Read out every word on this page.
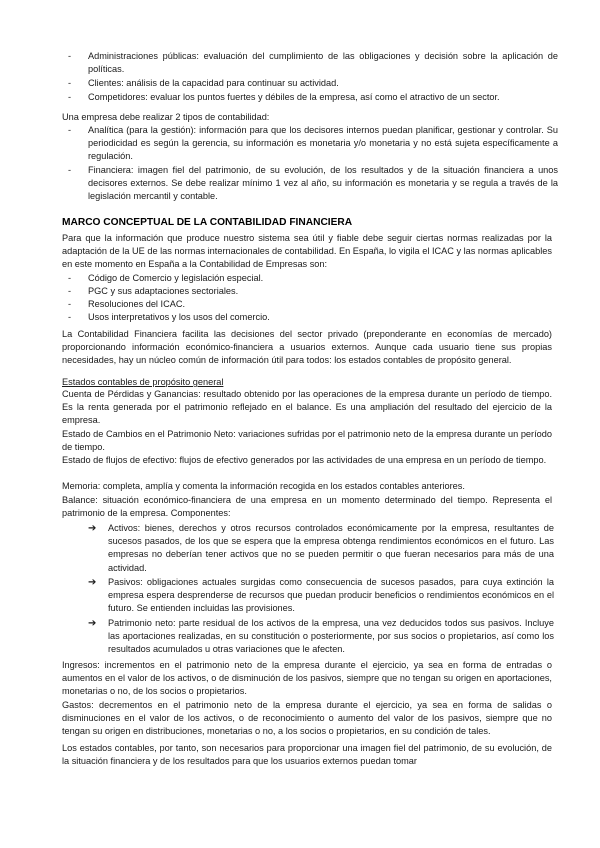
- Administraciones públicas: evaluación del cumplimiento de las obligaciones y decisión sobre la aplicación de políticas.
- Clientes: análisis de la capacidad para continuar su actividad.
- Competidores: evaluar los puntos fuertes y débiles de la empresa, así como el atractivo de un sector.
Una empresa debe realizar 2 tipos de contabilidad:
- Analítica (para la gestión): información para que los decisores internos puedan planificar, gestionar y controlar. Su periodicidad es según la gerencia, su información es monetaria y/o monetaria y no está sujeta específicamente a regulación.
- Financiera: imagen fiel del patrimonio, de su evolución, de los resultados y de la situación financiera a unos decisores externos. Se debe realizar mínimo 1 vez al año, su información es monetaria y se regula a través de la legislación mercantil y contable.
MARCO CONCEPTUAL DE LA CONTABILIDAD FINANCIERA
Para que la información que produce nuestro sistema sea útil y fiable debe seguir ciertas normas realizadas por la adaptación de la UE de las normas internacionales de contabilidad. En España, lo vigila el ICAC y las normas aplicables en este momento en España a la Contabilidad de Empresas son:
- Código de Comercio y legislación especial.
- PGC y sus adaptaciones sectoriales.
- Resoluciones del ICAC.
- Usos interpretativos y los usos del comercio.
La Contabilidad Financiera facilita las decisiones del sector privado (preponderante en economías de mercado) proporcionando información económico-financiera a usuarios externos. Aunque cada usuario tiene sus propias necesidades, hay un núcleo común de información útil para todos: los estados contables de propósito general.
Estados contables de propósito general
Cuenta de Pérdidas y Ganancias: resultado obtenido por las operaciones de la empresa durante un período de tiempo. Es la renta generada por el patrimonio reflejado en el balance. Es una ampliación del resultado del ejercicio de la empresa.
Estado de Cambios en el Patrimonio Neto: variaciones sufridas por el patrimonio neto de la empresa durante un período de tiempo.
Estado de flujos de efectivo: flujos de efectivo generados por las actividades de una empresa en un período de tiempo.
Memoria: completa, amplía y comenta la información recogida en los estados contables anteriores.
Balance: situación económico-financiera de una empresa en un momento determinado del tiempo. Representa el patrimonio de la empresa. Componentes:
➔ Activos: bienes, derechos y otros recursos controlados económicamente por la empresa, resultantes de sucesos pasados, de los que se espera que la empresa obtenga rendimientos económicos en el futuro. Las empresas no deberían tener activos que no se pueden permitir o que fueran necesarios para más de una actividad.
➔ Pasivos: obligaciones actuales surgidas como consecuencia de sucesos pasados, para cuya extinción la empresa espera desprenderse de recursos que puedan producir beneficios o rendimientos económicos en el futuro. Se entienden incluidas las provisiones.
➔ Patrimonio neto: parte residual de los activos de la empresa, una vez deducidos todos sus pasivos. Incluye las aportaciones realizadas, en su constitución o posteriormente, por sus socios o propietarios, así como los resultados acumulados u otras variaciones que le afecten.
Ingresos: incrementos en el patrimonio neto de la empresa durante el ejercicio, ya sea en forma de entradas o aumentos en el valor de los activos, o de disminución de los pasivos, siempre que no tengan su origen en aportaciones, monetarias o no, de los socios o propietarios.
Gastos: decrementos en el patrimonio neto de la empresa durante el ejercicio, ya sea en forma de salidas o disminuciones en el valor de los activos, o de reconocimiento o aumento del valor de los pasivos, siempre que no tengan su origen en distribuciones, monetarias o no, a los socios o propietarios, en su condición de tales.
Los estados contables, por tanto, son necesarios para proporcionar una imagen fiel del patrimonio, de su evolución, de la situación financiera y de los resultados para que los usuarios externos puedan tomar
